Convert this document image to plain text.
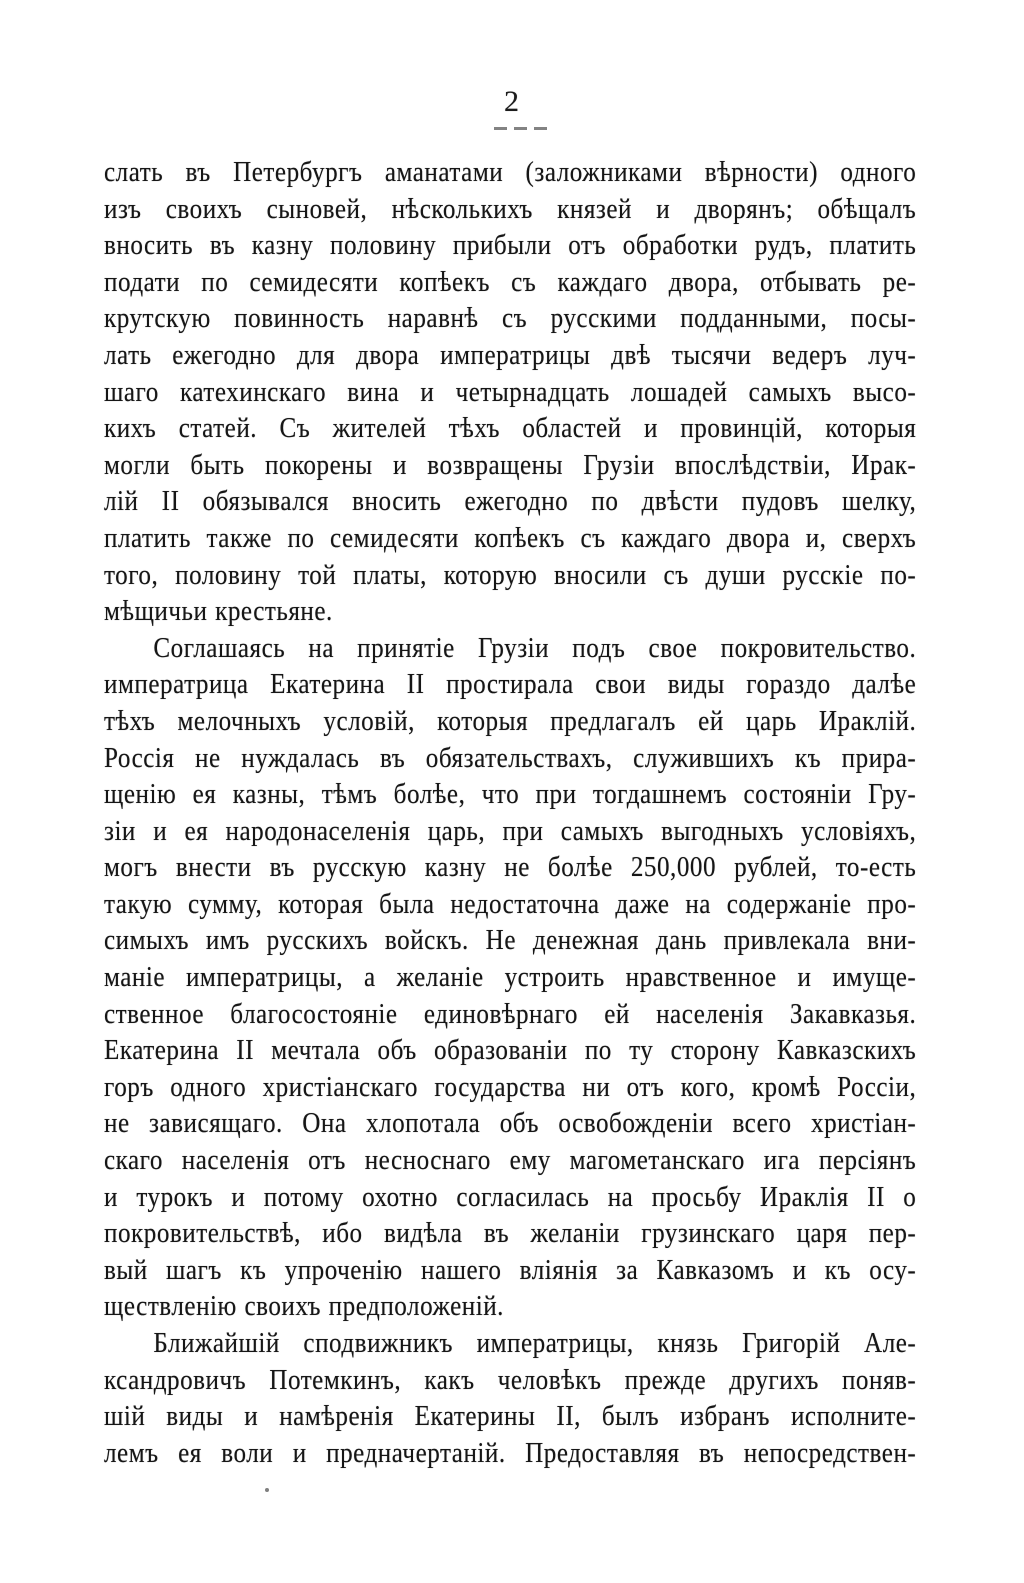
2

слать въ Петербургъ аманатами (заложниками вѣрности) одного

изъ своихъ сыновей, нѣсколькихъ князей и дворянъ; обѣщалъ

вносить въ казну половину прибыли отъ обработки рудъ, платить

подати по семидесяти копѣекъ съ каждаго двора, отбывать ре-

крутскую повинность наравнѣ съ русскими подданными, посы-

лать ежегодно для двора императрицы двѣ тысячи ведеръ луч-

шаго катехинскаго вина и четырнадцать лошадей самыхъ высо-

кихъ статей. Съ жителей тѣхъ областей и провинцій, которыя

могли быть покорены и возвращены Грузіи впослѣдствіи, Ирак-

лій II обязывался вносить ежегодно по двѣсти пудовъ шелку,

платить также по семидесяти копѣекъ съ каждаго двора и, сверхъ

того, половину той платы, которую вносили съ души русскіе по-

мѣщичьи крестьяне.

Соглашаясь на принятіе Грузіи подъ свое покровительство.

императрица Екатерина II простирала свои виды гораздо далѣе

тѣхъ мелочныхъ условій, которыя предлагалъ ей царь Ираклій.

Россія не нуждалась въ обязательствахъ, служившихъ къ прира-

щенію ея казны, тѣмъ болѣе, что при тогдашнемъ состояніи Гру-

зіи и ея народонаселенія царь, при самыхъ выгодныхъ условіяхъ,

могъ внести въ русскую казну не болѣе 250,000 рублей, то-есть

такую сумму, которая была недостаточна даже на содержаніе про-

симыхъ имъ русскихъ войскъ. Не денежная дань привлекала вни-

маніе императрицы, а желаніе устроить нравственное и имуще-

ственное благосостояніе единовѣрнаго ей населенія Закавказья.

Екатерина II мечтала объ образованіи по ту сторону Кавказскихъ

горъ одного христіанскаго государства ни отъ кого, кромѣ Россіи,

не зависящаго. Она хлопотала объ освобожденіи всего христіан-

скаго населенія отъ несноснаго ему магометанскаго ига персіянъ

и турокъ и потому охотно согласилась на просьбу Ираклія II о

покровительствѣ, ибо видѣла въ желаніи грузинскаго царя пер-

вый шагъ къ упроченію нашего вліянія за Кавказомъ и къ осу-

ществленію своихъ предположеній.

Ближайшій сподвижникъ императрицы, князь Григорій Але-

ксандровичъ Потемкинъ, какъ человѣкъ прежде другихъ поняв-

шій виды и намѣренія Екатерины II, былъ избранъ исполните-

лемъ ея воли и предначертаній. Предоставляя въ непосредствен-
